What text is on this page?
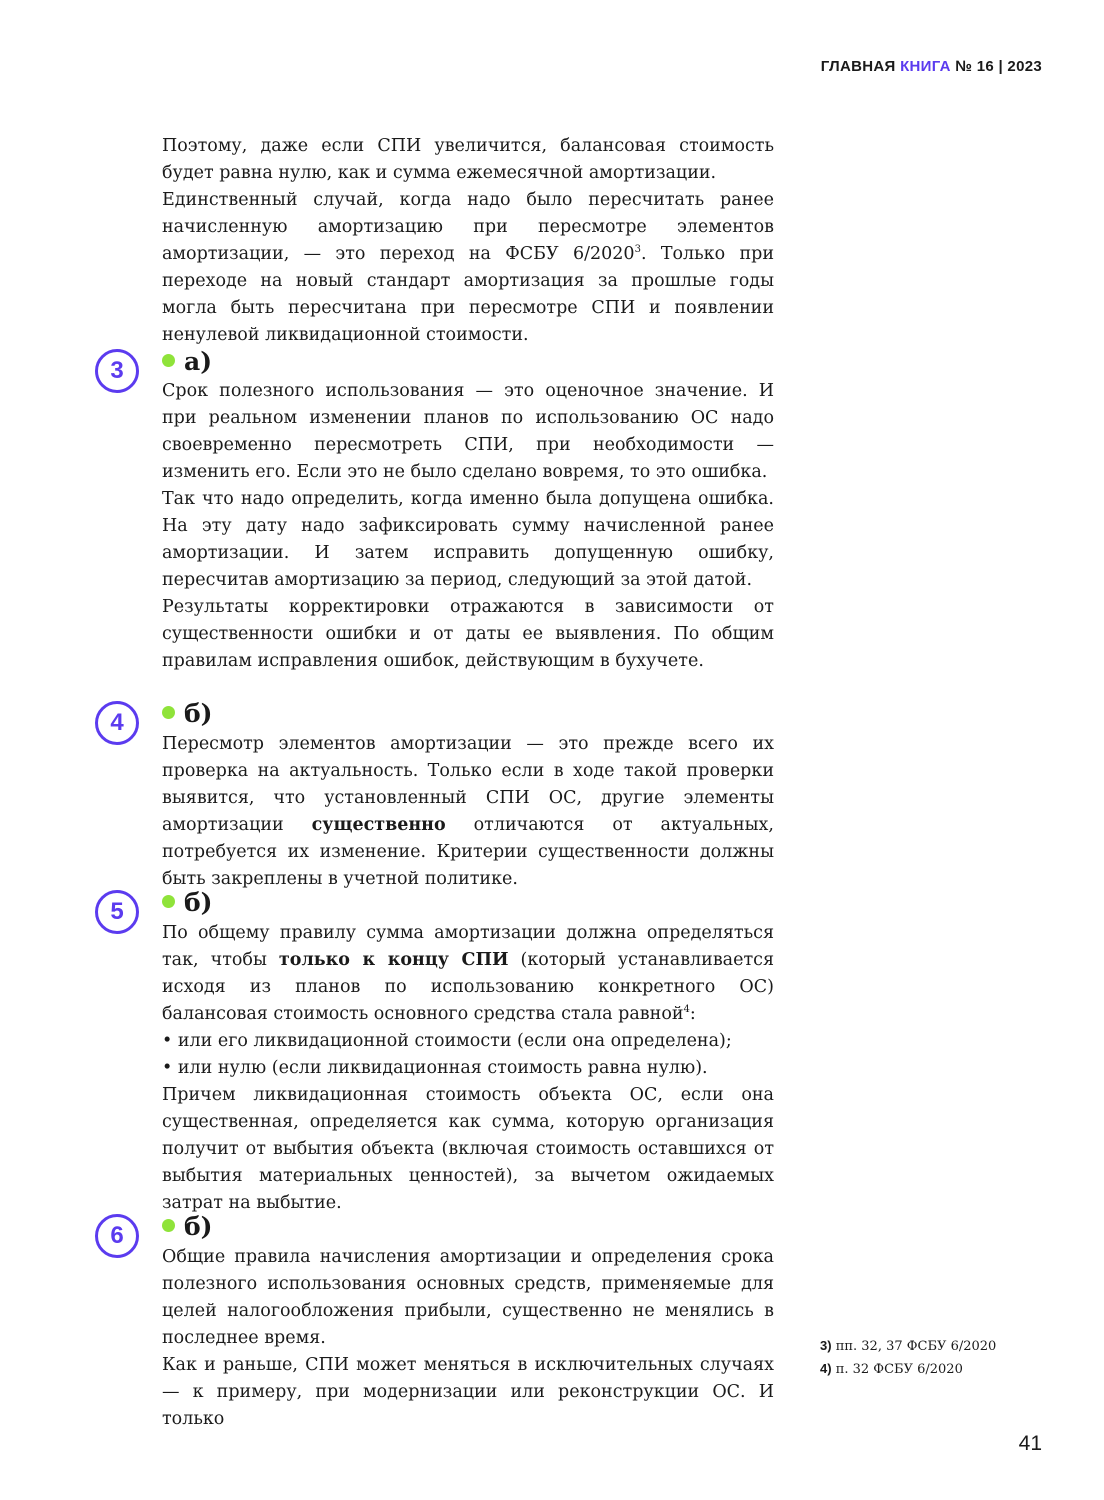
ГЛАВНАЯ КНИГА № 16 | 2023

Поэтому, даже если СПИ увеличится, балансовая стоимость будет равна нулю, как и сумма ежемесячной амортизации.

Единственный случай, когда надо было пересчитать ранее начисленную амортизацию при пересмотре элементов амортизации, — это переход на ФСБУ 6/2020$^3$. Только при переходе на новый стандарт амортизация за прошлые годы могла быть пересчитана при пересмотре СПИ и появлении ненулевой ликвидационной стоимости.

3	а)

Срок полезного использования — это оценочное значение. И при реальном изменении планов по использованию ОС надо своевременно пересмотреть СПИ, при необходимости — изменить его. Если это не было сделано вовремя, то это ошибка.

Так что надо определить, когда именно была допущена ошибка. На эту дату надо зафиксировать сумму начисленной ранее амортизации. И затем исправить допущенную ошибку, пересчитав амортизацию за период, следующий за этой датой.

Результаты корректировки отражаются в зависимости от существенности ошибки и от даты ее выявления. По общим правилам исправления ошибок, действующим в бухучете.

4	б)

Пересмотр элементов амортизации — это прежде всего их проверка на актуальность. Только если в ходе такой проверки выявится, что установленный СПИ ОС, другие элементы амортизации существенно отличаются от актуальных, потребуется их изменение. Критерии существенности должны быть закреплены в учетной политике.

5	б)

По общему правилу сумма амортизации должна определяться так, чтобы только к концу СПИ (который устанавливается исходя из планов по использованию конкретного ОС) балансовая стоимость основного средства стала равной$^4$:

• или его ликвидационной стоимости (если она определена);

• или нулю (если ликвидационная стоимость равна нулю).

Причем ликвидационная стоимость объекта ОС, если она существенная, определяется как сумма, которую организация получит от выбытия объекта (включая стоимость оставшихся от выбытия материальных ценностей), за вычетом ожидаемых затрат на выбытие.

6	б)

Общие правила начисления амортизации и определения срока полезного использования основных средств, применяемые для целей налогообложения прибыли, существенно не менялись в последнее время.

Как и раньше, СПИ может меняться в исключительных случаях — к примеру, при модернизации или реконструкции ОС. И только

3) пп. 32, 37 ФСБУ 6/2020
4) п. 32 ФСБУ 6/2020
41
